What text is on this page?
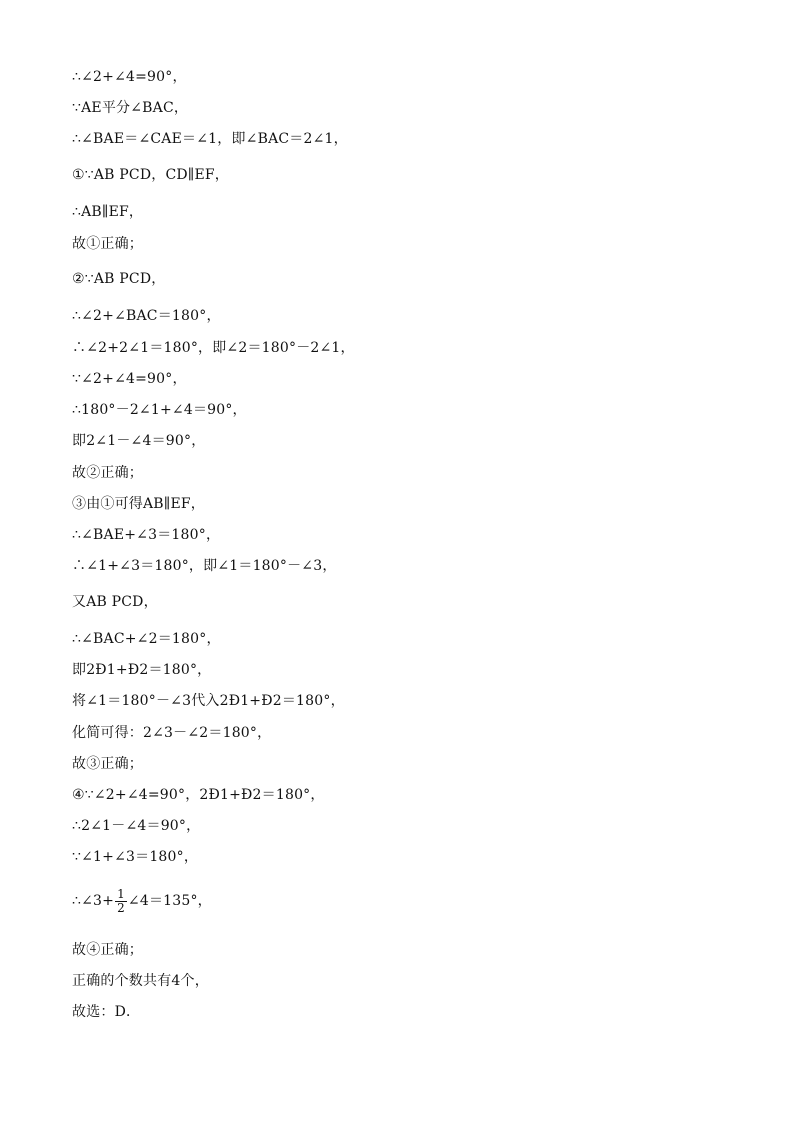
∴∠2+∠4=90°，
∵AE平分∠BAC，
∴∠BAE＝∠CAE＝∠1，即∠BAC＝2∠1，
①∵AB PCD，CD∥EF，
∴AB∥EF，
故①正确；
②∵AB PCD，
∴∠2+∠BAC＝180°，
∴∠2+2∠1＝180°，即∠2＝180°－2∠1，
∵∠2+∠4=90°，
∴180°－2∠1+∠4＝90°，
即2∠1－∠4＝90°，
故②正确；
③由①可得AB∥EF，
∴∠BAE+∠3＝180°，
∴∠1+∠3＝180°，即∠1＝180°－∠3，
又AB PCD，
∴∠BAC+∠2＝180°，
即2Ð1+Ð2＝180°，
将∠1＝180°－∠3代入2Ð1+Ð2＝180°，
化简可得：2∠3－∠2＝180°，
故③正确；
④∵∠2+∠4=90°，2Ð1+Ð2＝180°，
∴2∠1－∠4＝90°，
∵∠1+∠3＝180°，
∴∠3+ $\frac{1}{2}$ ∠4＝135°，
故④正确；
正确的个数共有4个，
故选：D．
